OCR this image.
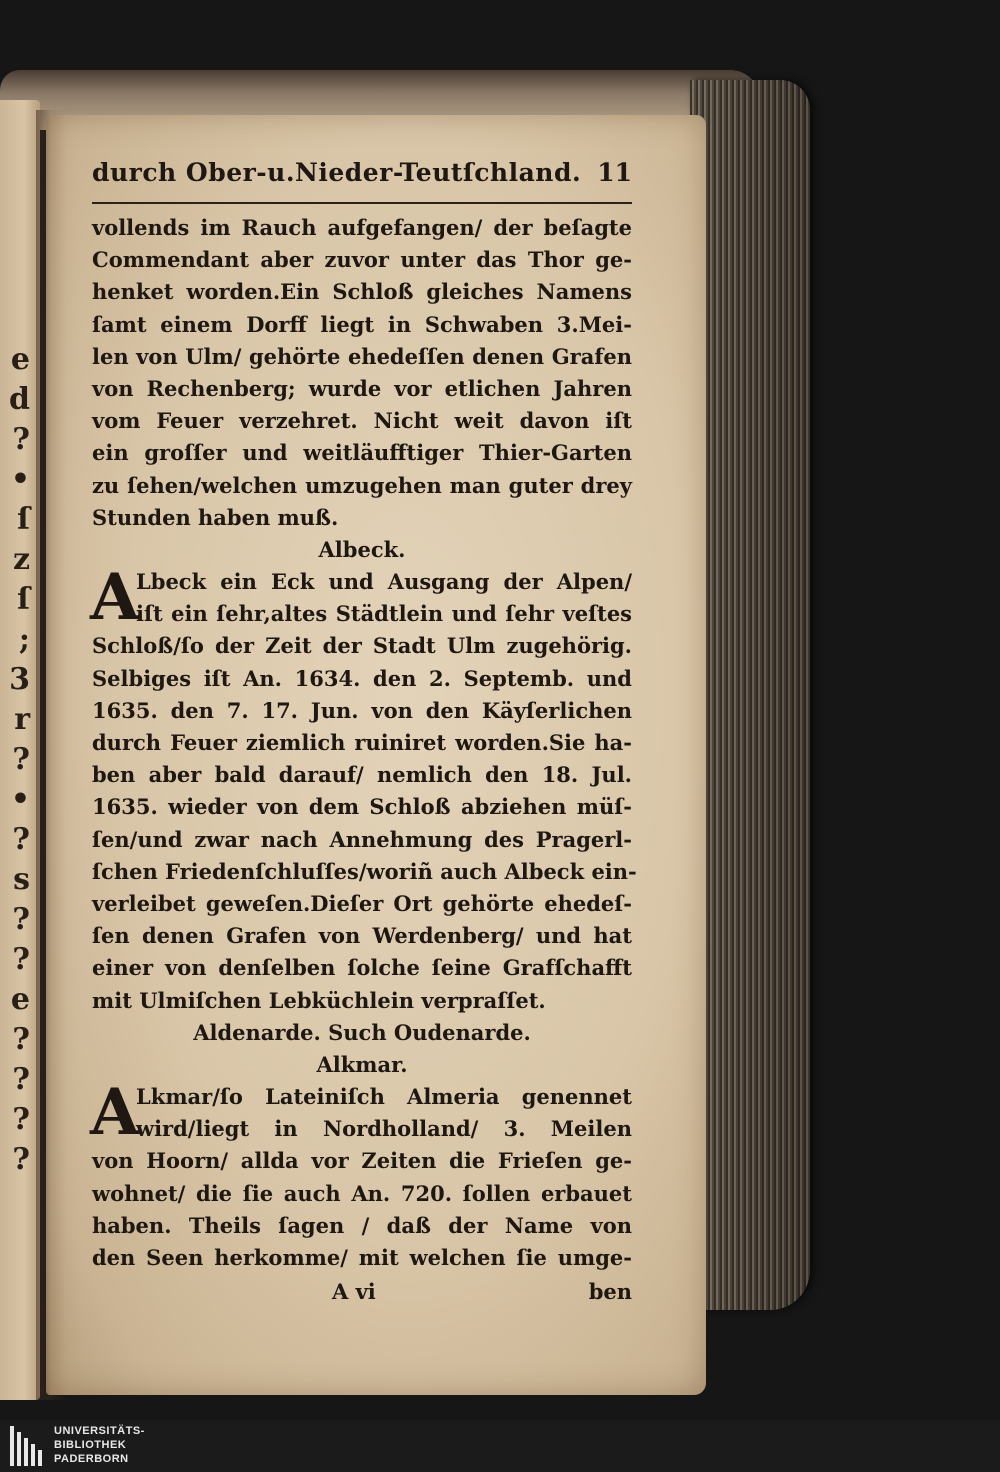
e
d
?
•
ſ
z
ſ
;
3
r
?
•
?
s
?
?
e
?
?
?
?
durch Ober-u.Nieder-Teutſchland. 11
vollends im Rauch aufgefangen/ der beſagte
Commendant aber zuvor unter das Thor ge-
henket worden.Ein Schloß gleiches Namens
ſamt einem Dorff liegt in Schwaben 3.Mei-
len von Ulm/ gehörte ehedeſſen denen Grafen
von Rechenberg; wurde vor etlichen Jahren
vom Feuer verzehret. Nicht weit davon iſt
ein groſſer und weitläufftiger Thier-Garten
zu ſehen/welchen umzugehen man guter drey
Stunden haben muß.
Albeck.
A
Lbeck ein Eck und Ausgang der Alpen/
iſt ein ſehr,altes Städtlein und ſehr veſtes
Schloß/ſo der Zeit der Stadt Ulm zugehörig.
Selbiges iſt An. 1634. den 2. Septemb. und
1635. den 7. 17. Jun. von den Käyſerlichen
durch Feuer ziemlich ruiniret worden.Sie ha-
ben aber bald darauf/ nemlich den 18. Jul.
1635. wieder von dem Schloß abziehen müſ-
ſen/und zwar nach Annehmung des Pragerl-
ſchen Friedenſchluſſes/woriñ auch Albeck ein-
verleibet geweſen.Dieſer Ort gehörte ehedeſ-
ſen denen Grafen von Werdenberg/ und hat
einer von denſelben ſolche ſeine Grafſchafft
mit Ulmiſchen Lebküchlein verpraſſet.
Aldenarde. Such Oudenarde.
Alkmar.
A
Lkmar/ſo Lateiniſch Almeria genennet
wird/liegt in Nordholland/ 3. Meilen
von Hoorn/ allda vor Zeiten die Frieſen ge-
wohnet/ die ſie auch An. 720. ſollen erbauet
haben. Theils ſagen / daß der Name von
den Seen herkomme/ mit welchen ſie umge-
A vi	ben
UNIVERSITÄTS-
BIBLIOTHEK
PADERBORN
